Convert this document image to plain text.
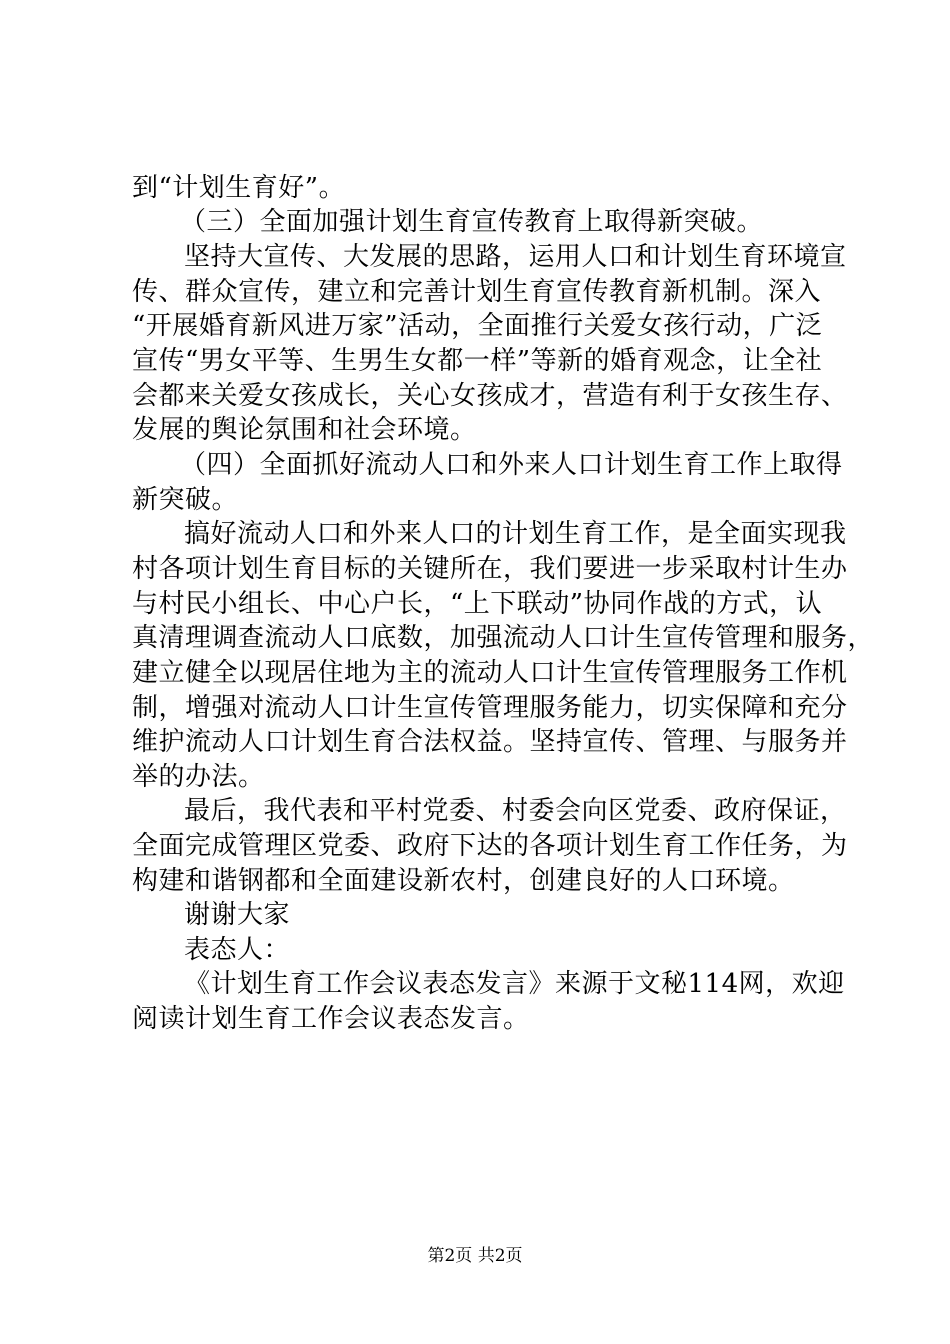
到“计划生育好”。
（三）全面加强计划生育宣传教育上取得新突破。
坚持大宣传、大发展的思路，运用人口和计划生育环境宣
传、群众宣传，建立和完善计划生育宣传教育新机制。深入
“开展婚育新风进万家”活动，全面推行关爱女孩行动，广泛
宣传“男女平等、生男生女都一样”等新的婚育观念，让全社
会都来关爱女孩成长，关心女孩成才，营造有利于女孩生存、
发展的舆论氛围和社会环境。
（四）全面抓好流动人口和外来人口计划生育工作上取得
新突破。
搞好流动人口和外来人口的计划生育工作，是全面实现我
村各项计划生育目标的关键所在，我们要进一步采取村计生办
与村民小组长、中心户长，“上下联动”协同作战的方式，认
真清理调查流动人口底数，加强流动人口计生宣传管理和服务，
建立健全以现居住地为主的流动人口计生宣传管理服务工作机
制，增强对流动人口计生宣传管理服务能力，切实保障和充分
维护流动人口计划生育合法权益。坚持宣传、管理、与服务并
举的办法。
最后，我代表和平村党委、村委会向区党委、政府保证，
全面完成管理区党委、政府下达的各项计划生育工作任务，为
构建和谐钢都和全面建设新农村，创建良好的人口环境。
谢谢大家
表态人：
《计划生育工作会议表态发言》来源于文秘114网，欢迎
阅读计划生育工作会议表态发言。
第2页 共2页
